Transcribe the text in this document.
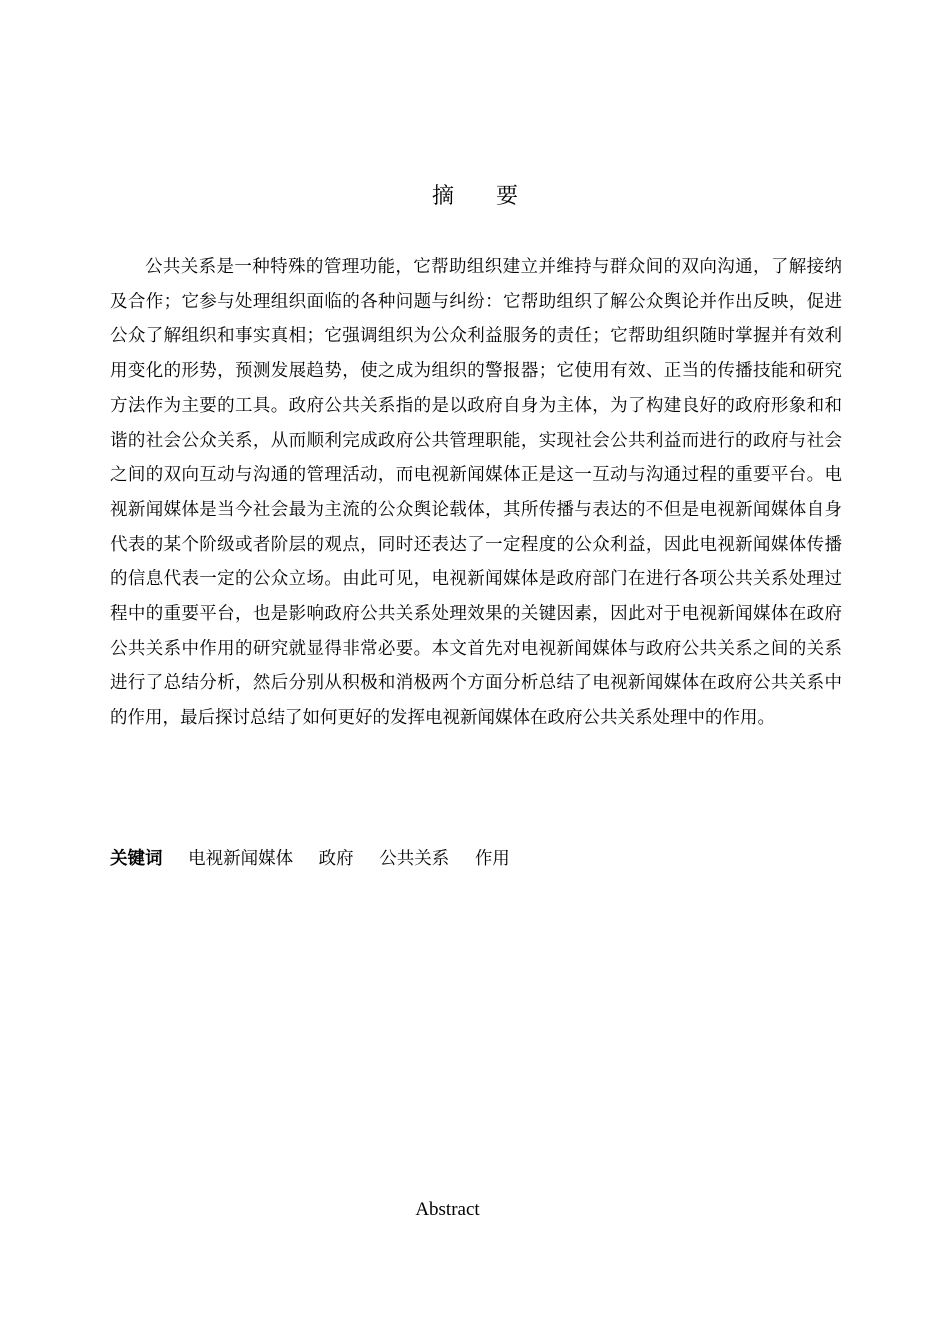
摘要

公共关系是一种特殊的管理功能，它帮助组织建立并维持与群众间的双向沟通，了解接纳及合作；它参与处理组织面临的各种问题与纠纷：它帮助组织了解公众舆论并作出反映，促进公众了解组织和事实真相；它强调组织为公众利益服务的责任；它帮助组织随时掌握并有效利用变化的形势，预测发展趋势，使之成为组织的警报器；它使用有效、正当的传播技能和研究方法作为主要的工具。政府公共关系指的是以政府自身为主体，为了构建良好的政府形象和和谐的社会公众关系，从而顺利完成政府公共管理职能，实现社会公共利益而进行的政府与社会之间的双向互动与沟通的管理活动，而电视新闻媒体正是这一互动与沟通过程的重要平台。电视新闻媒体是当今社会最为主流的公众舆论载体，其所传播与表达的不但是电视新闻媒体自身代表的某个阶级或者阶层的观点，同时还表达了一定程度的公众利益，因此电视新闻媒体传播的信息代表一定的公众立场。由此可见，电视新闻媒体是政府部门在进行各项公共关系处理过程中的重要平台，也是影响政府公共关系处理效果的关键因素，因此对于电视新闻媒体在政府公共关系中作用的研究就显得非常必要。本文首先对电视新闻媒体与政府公共关系之间的关系进行了总结分析，然后分别从积极和消极两个方面分析总结了电视新闻媒体在政府公共关系中的作用，最后探讨总结了如何更好的发挥电视新闻媒体在政府公共关系处理中的作用。

关键词 电视新闻媒体 政府 公共关系 作用
Abstract
